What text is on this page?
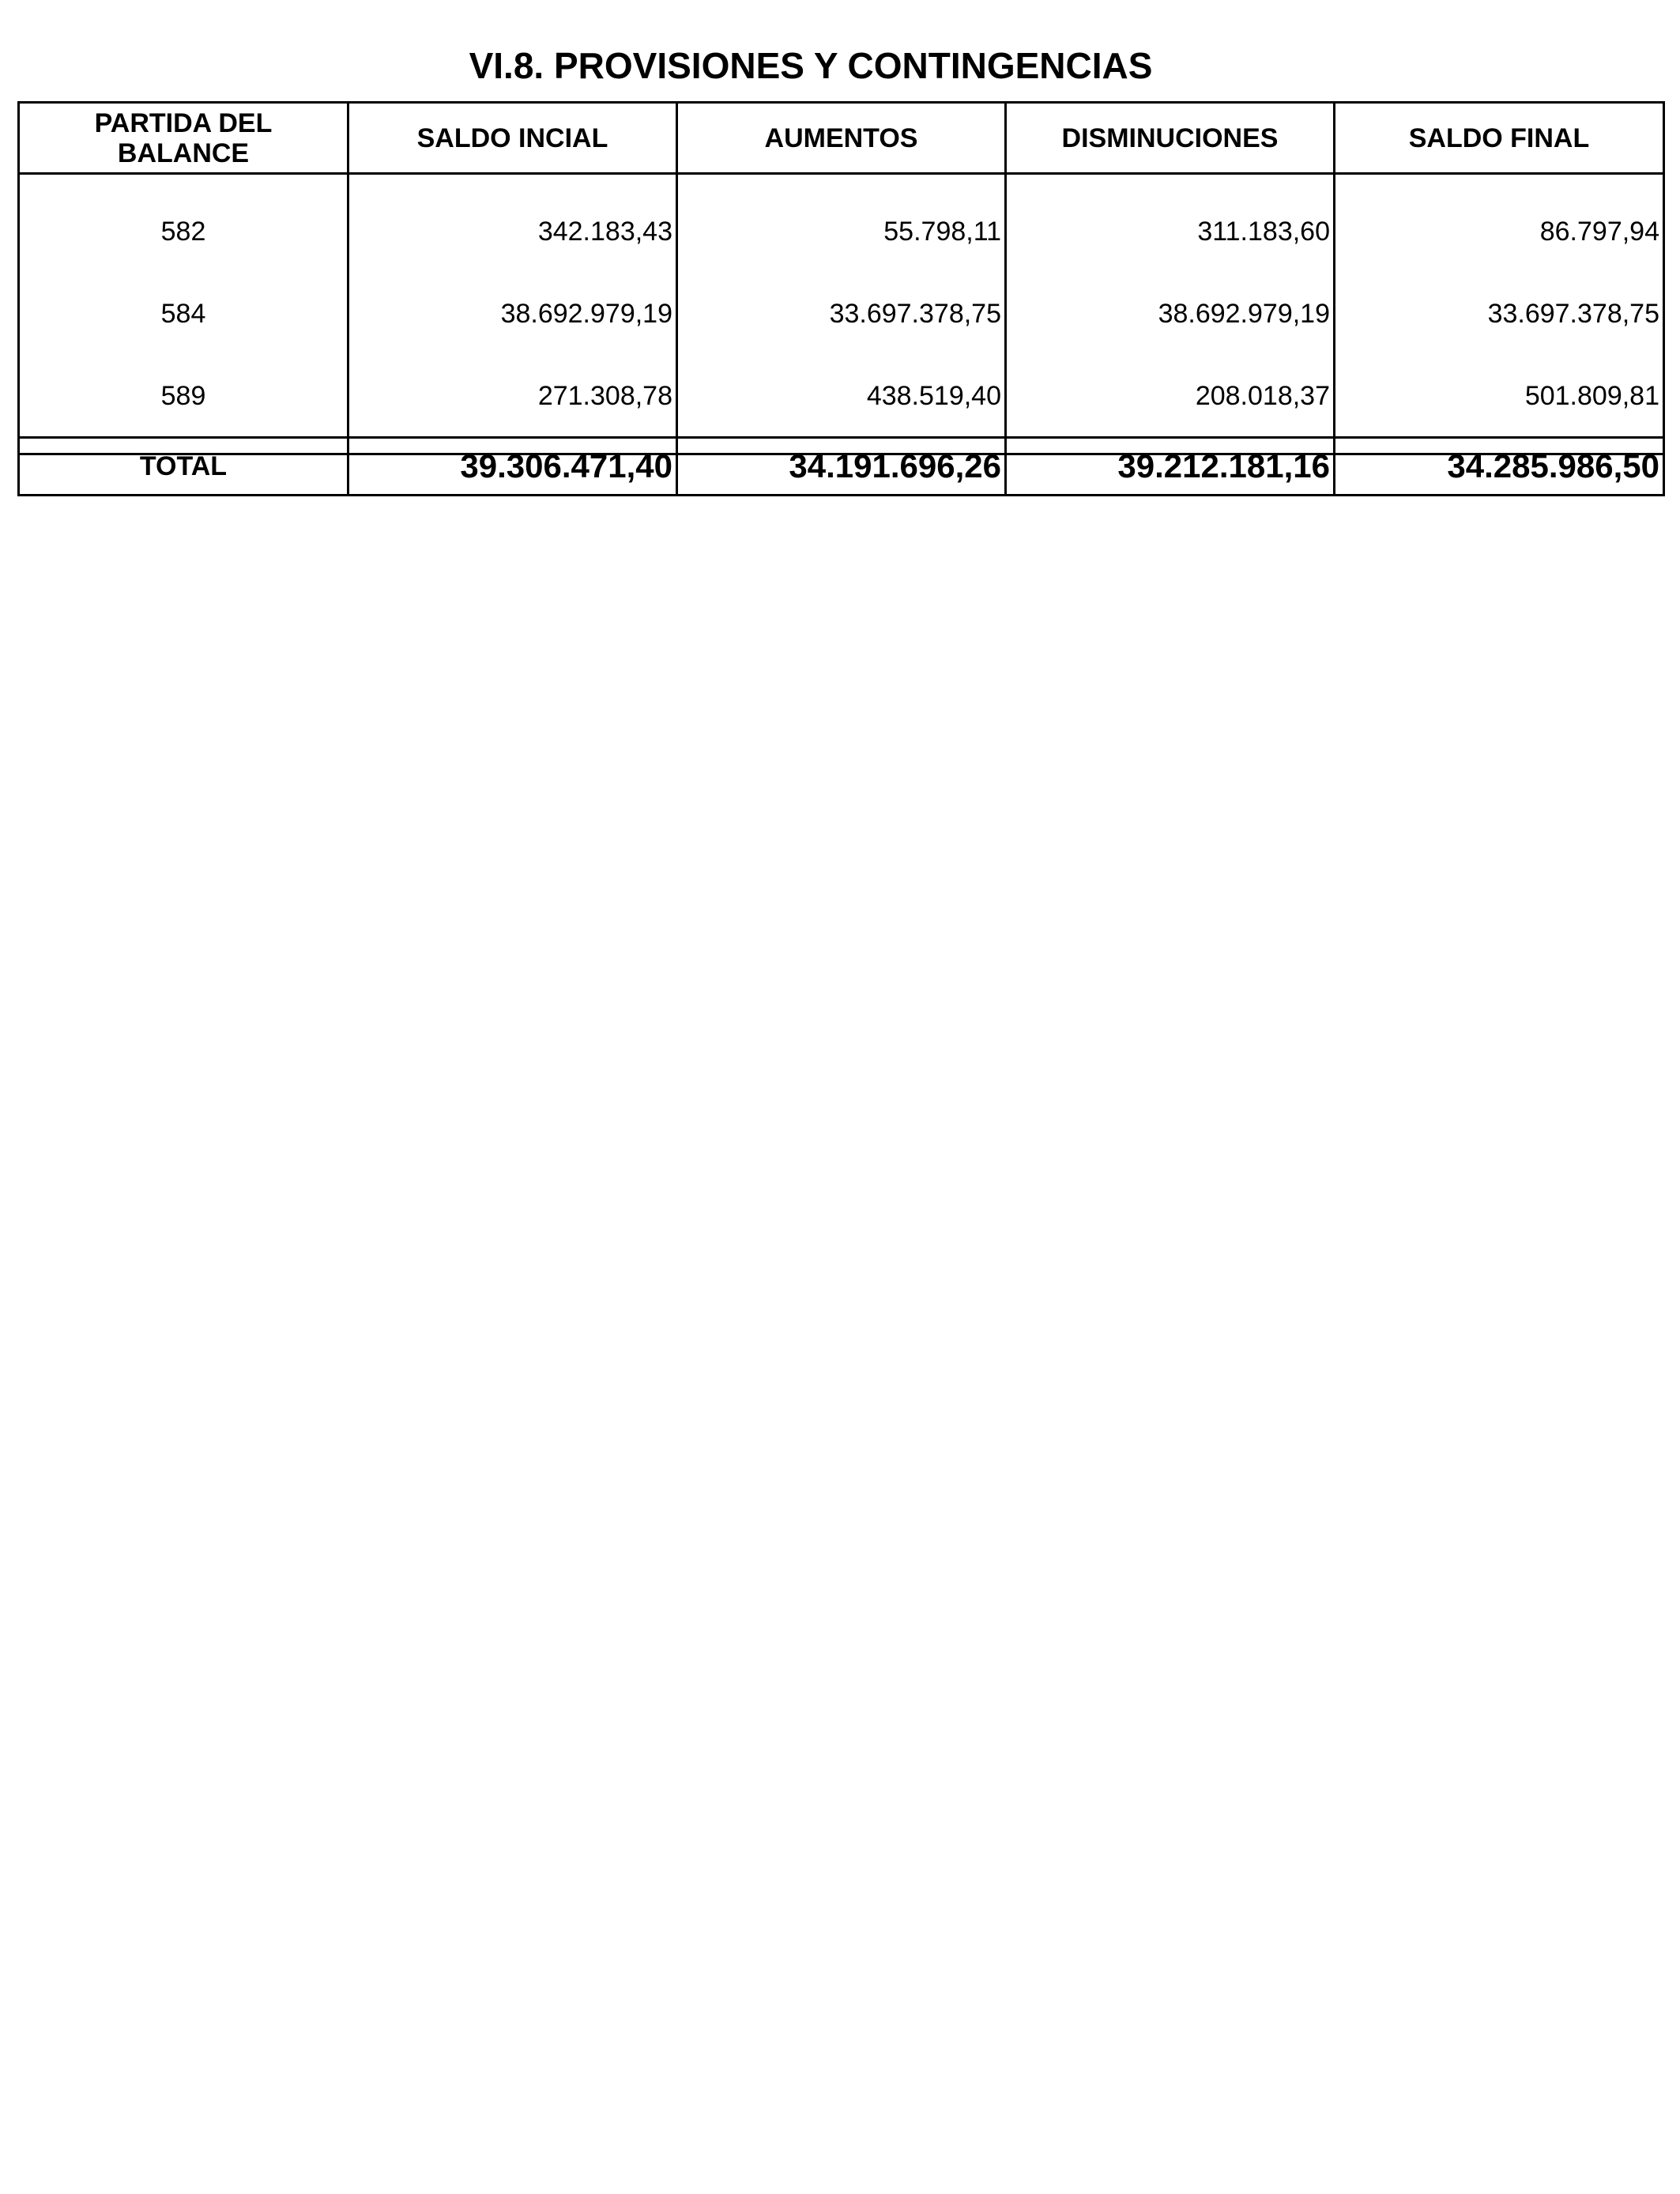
VI.8. PROVISIONES Y CONTINGENCIAS
PARTIDA DEL BALANCE	SALDO INCIAL	AUMENTOS	DISMINUCIONES	SALDO FINAL
582	342.183,43	55.798,11	311.183,60	86.797,94
584	38.692.979,19	33.697.378,75	38.692.979,19	33.697.378,75
589	271.308,78	438.519,40	208.018,37	501.809,81
TOTAL	39.306.471,40	34.191.696,26	39.212.181,16	34.285.986,50
